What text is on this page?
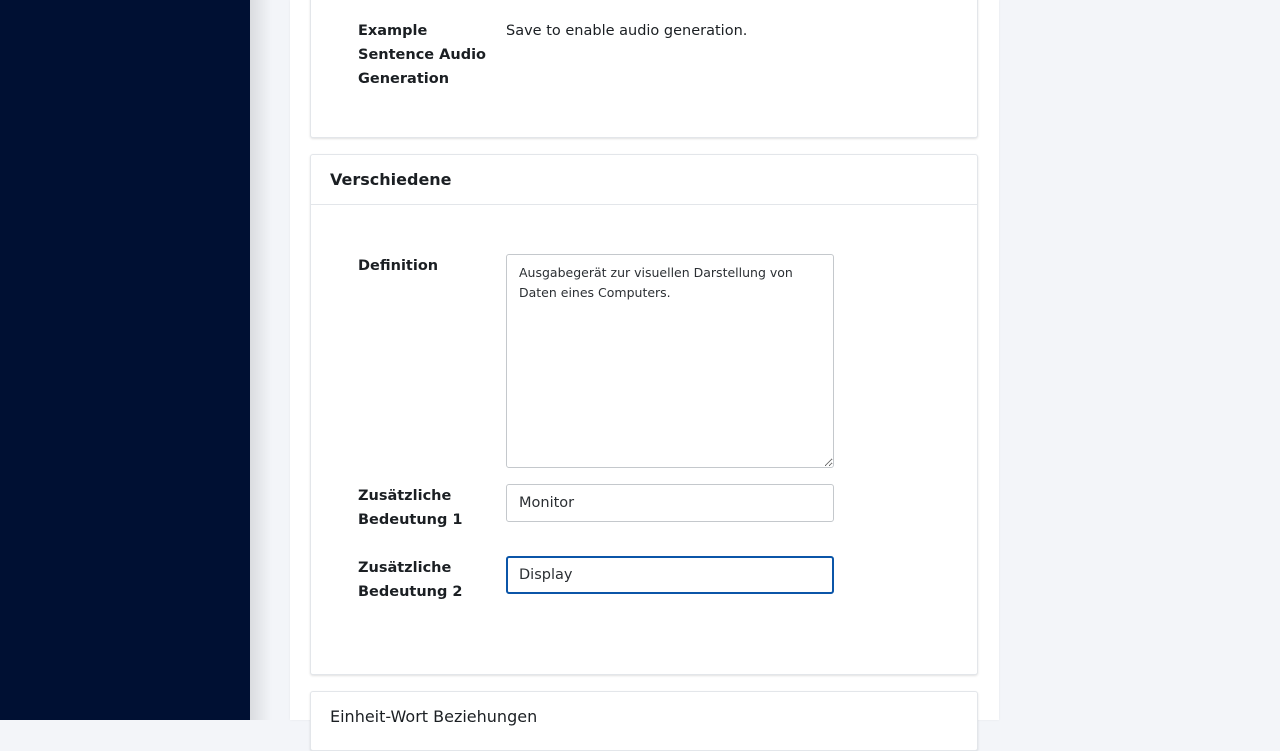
Example Sentence Audio Generation
Save to enable audio generation.
Verschiedene
Definition
Ausgabegerät zur visuellen Darstellung von Daten eines Computers.
Zusätzliche Bedeutung 1
Monitor
Zusätzliche Bedeutung 2
Display
Einheit-Wort Beziehungen
